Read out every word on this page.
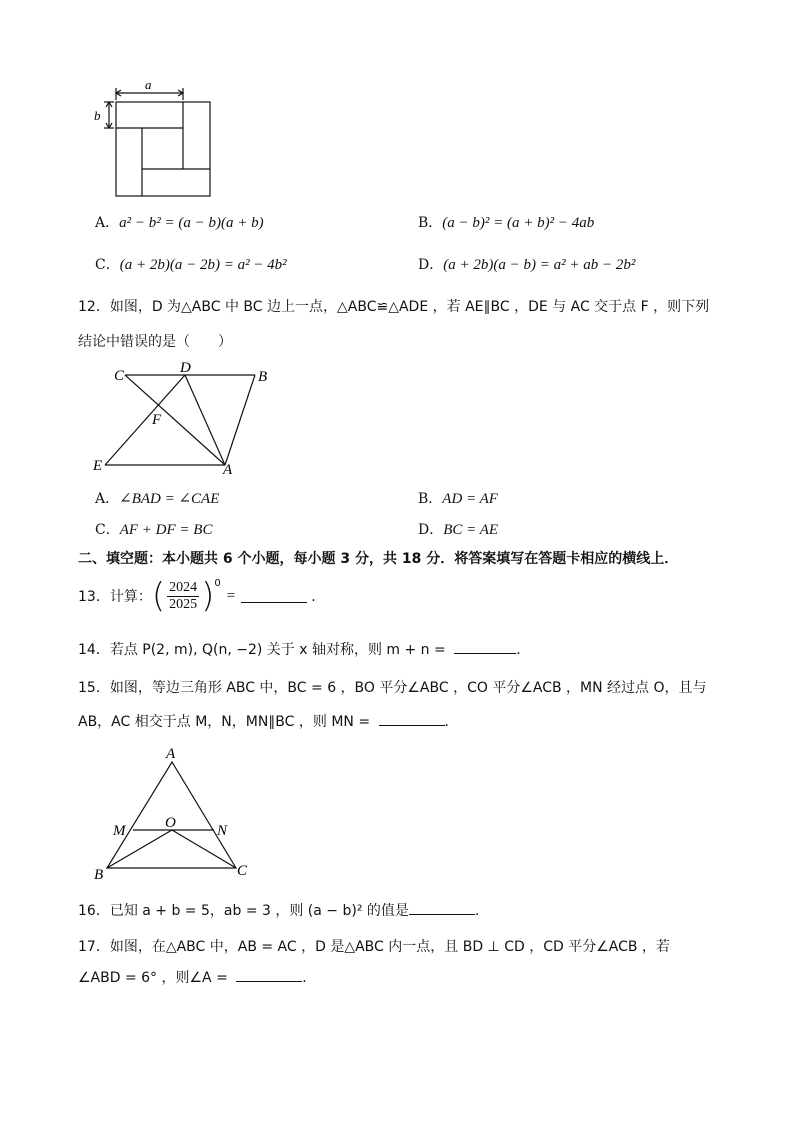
a
b
A．a² − b² = (a − b)(a + b)	B．(a − b)² = (a + b)² − 4ab
C．(a + 2b)(a − 2b) = a² − 4b²	D．(a + 2b)(a − b) = a² + ab − 2b²
12．如图，D 为△ABC 中 BC 边上一点，△ABC≌△ADE ，若 AE∥BC ，DE 与 AC 交于点 F ，则下列
结论中错误的是（　　）
C	D
B
F
E	A
A．∠BAD = ∠CAE	B．AD = AF
C．AF + DF = BC	D．BC = AE
二、填空题：本小题共 6 个小题，每小题 3 分，共 18 分．将答案填写在答题卡相应的横线上．
13．计算： ( $\frac{2024}{2025}$ ) 0
=	．
14．若点 P(2, m), Q(n, −2) 关于 x 轴对称，则 m + n =	．
15．如图，等边三角形 ABC 中，BC = 6 ，BO 平分∠ABC ，CO 平分∠ACB ，MN 经过点 O，且与
AB，AC 相交于点 M，N，MN∥BC ，则 MN =	．
A
M	O	N
B	C
16．已知 a + b = 5，ab = 3 ，则 (a − b)² 的值是	.
17．如图，在△ABC 中，AB = AC ，D 是△ABC 内一点，且 BD ⊥ CD ，CD 平分∠ACB ，若
∠ABD = 6° ，则∠A =	．
